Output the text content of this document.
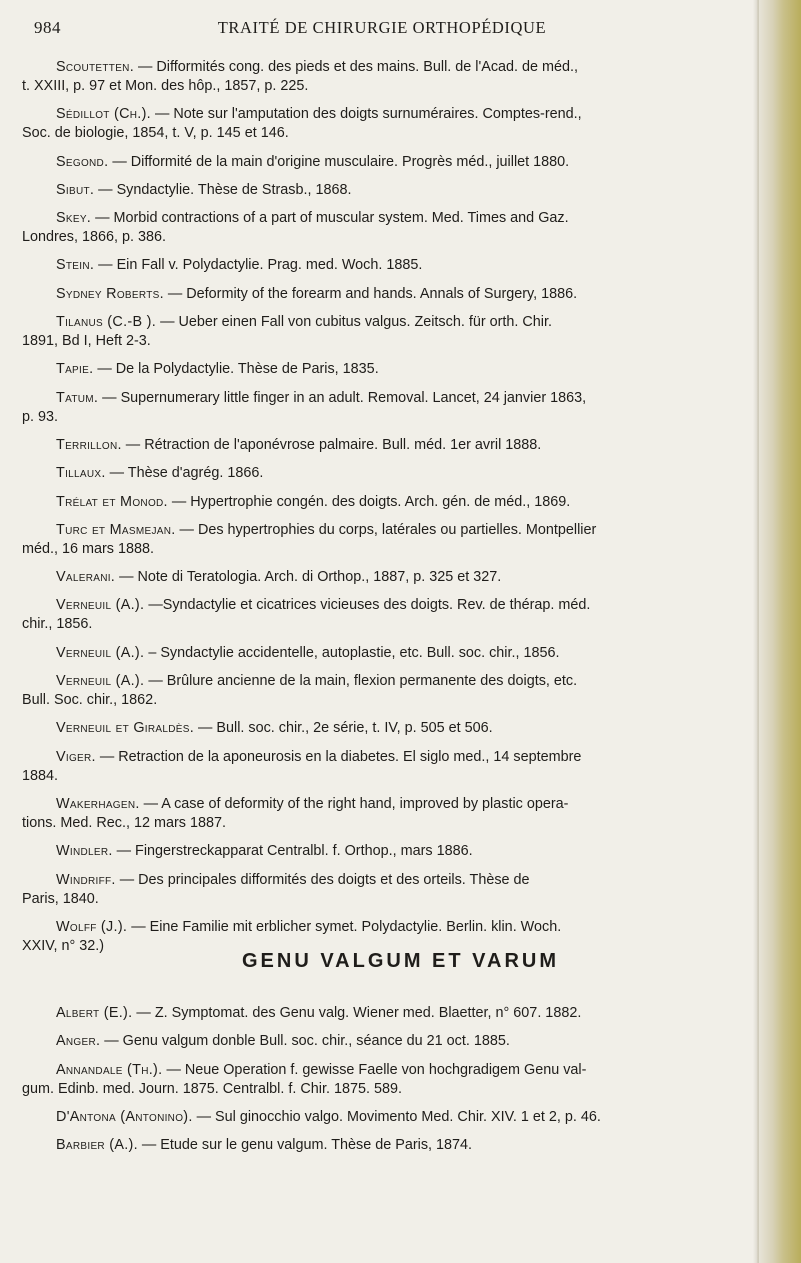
984	TRAITÉ DE CHIRURGIE ORTHOPÉDIQUE

Scoutetten. — Difformités cong. des pieds et des mains. Bull. de l'Acad. de méd.,
t. XXIII, p. 97 et Mon. des hôp., 1857, p. 225.

Sédillot (Ch.). — Note sur l'amputation des doigts surnuméraires. Comptes-rend.,
Soc. de biologie, 1854, t. V, p. 145 et 146.

Segond. — Difformité de la main d'origine musculaire. Progrès méd., juillet 1880.

Sibut. — Syndactylie. Thèse de Strasb., 1868.

Skey. — Morbid contractions of a part of muscular system. Med. Times and Gaz.
Londres, 1866, p. 386.

Stein. — Ein Fall v. Polydactylie. Prag. med. Woch. 1885.

Sydney Roberts. — Deformity of the forearm and hands. Annals of Surgery, 1886.

Tilanus (C.-B ). — Ueber einen Fall von cubitus valgus. Zeitsch. für orth. Chir.
1891, Bd I, Heft 2-3.

Tapie. — De la Polydactylie. Thèse de Paris, 1835.

Tatum. — Supernumerary little finger in an adult. Removal. Lancet, 24 janvier 1863,
p. 93.

Terrillon. — Rétraction de l'aponévrose palmaire. Bull. méd. 1er avril 1888.

Tillaux. — Thèse d'agrég. 1866.

Trélat et Monod. — Hypertrophie congén. des doigts. Arch. gén. de méd., 1869.

Turc et Masmejan. — Des hypertrophies du corps, latérales ou partielles. Montpellier
méd., 16 mars 1888.

Valerani. — Note di Teratologia. Arch. di Orthop., 1887, p. 325 et 327.

Verneuil (A.). —Syndactylie et cicatrices vicieuses des doigts. Rev. de thérap. méd.
chir., 1856.

Verneuil (A.). – Syndactylie accidentelle, autoplastie, etc. Bull. soc. chir., 1856.

Verneuil (A.). — Brûlure ancienne de la main, flexion permanente des doigts, etc.
Bull. Soc. chir., 1862.

Verneuil et Giraldès. — Bull. soc. chir., 2e série, t. IV, p. 505 et 506.

Viger. — Retraction de la aponeurosis en la diabetes. El siglo med., 14 septembre
1884.

Wakerhagen. — A case of deformity of the right hand, improved by plastic opera-
tions. Med. Rec., 12 mars 1887.

Windler. — Fingerstreckapparat Centralbl. f. Orthop., mars 1886.

Windriff. — Des principales difformités des doigts et des orteils. Thèse de
Paris, 1840.

Wolff (J.). — Eine Familie mit erblicher symet. Polydactylie. Berlin. klin. Woch.
XXIV, n° 32.)

GENU VALGUM ET VARUM

Albert (E.). — Z. Symptomat. des Genu valg. Wiener med. Blaetter, n° 607. 1882.

Anger. — Genu valgum donble Bull. soc. chir., séance du 21 oct. 1885.

Annandale (Th.). — Neue Operation f. gewisse Faelle von hochgradigem Genu val-
gum. Edinb. med. Journ. 1875. Centralbl. f. Chir. 1875. 589.

D'Antona (Antonino). — Sul ginocchio valgo. Movimento Med. Chir. XIV. 1 et 2, p. 46.

Barbier (A.). — Etude sur le genu valgum. Thèse de Paris, 1874.
